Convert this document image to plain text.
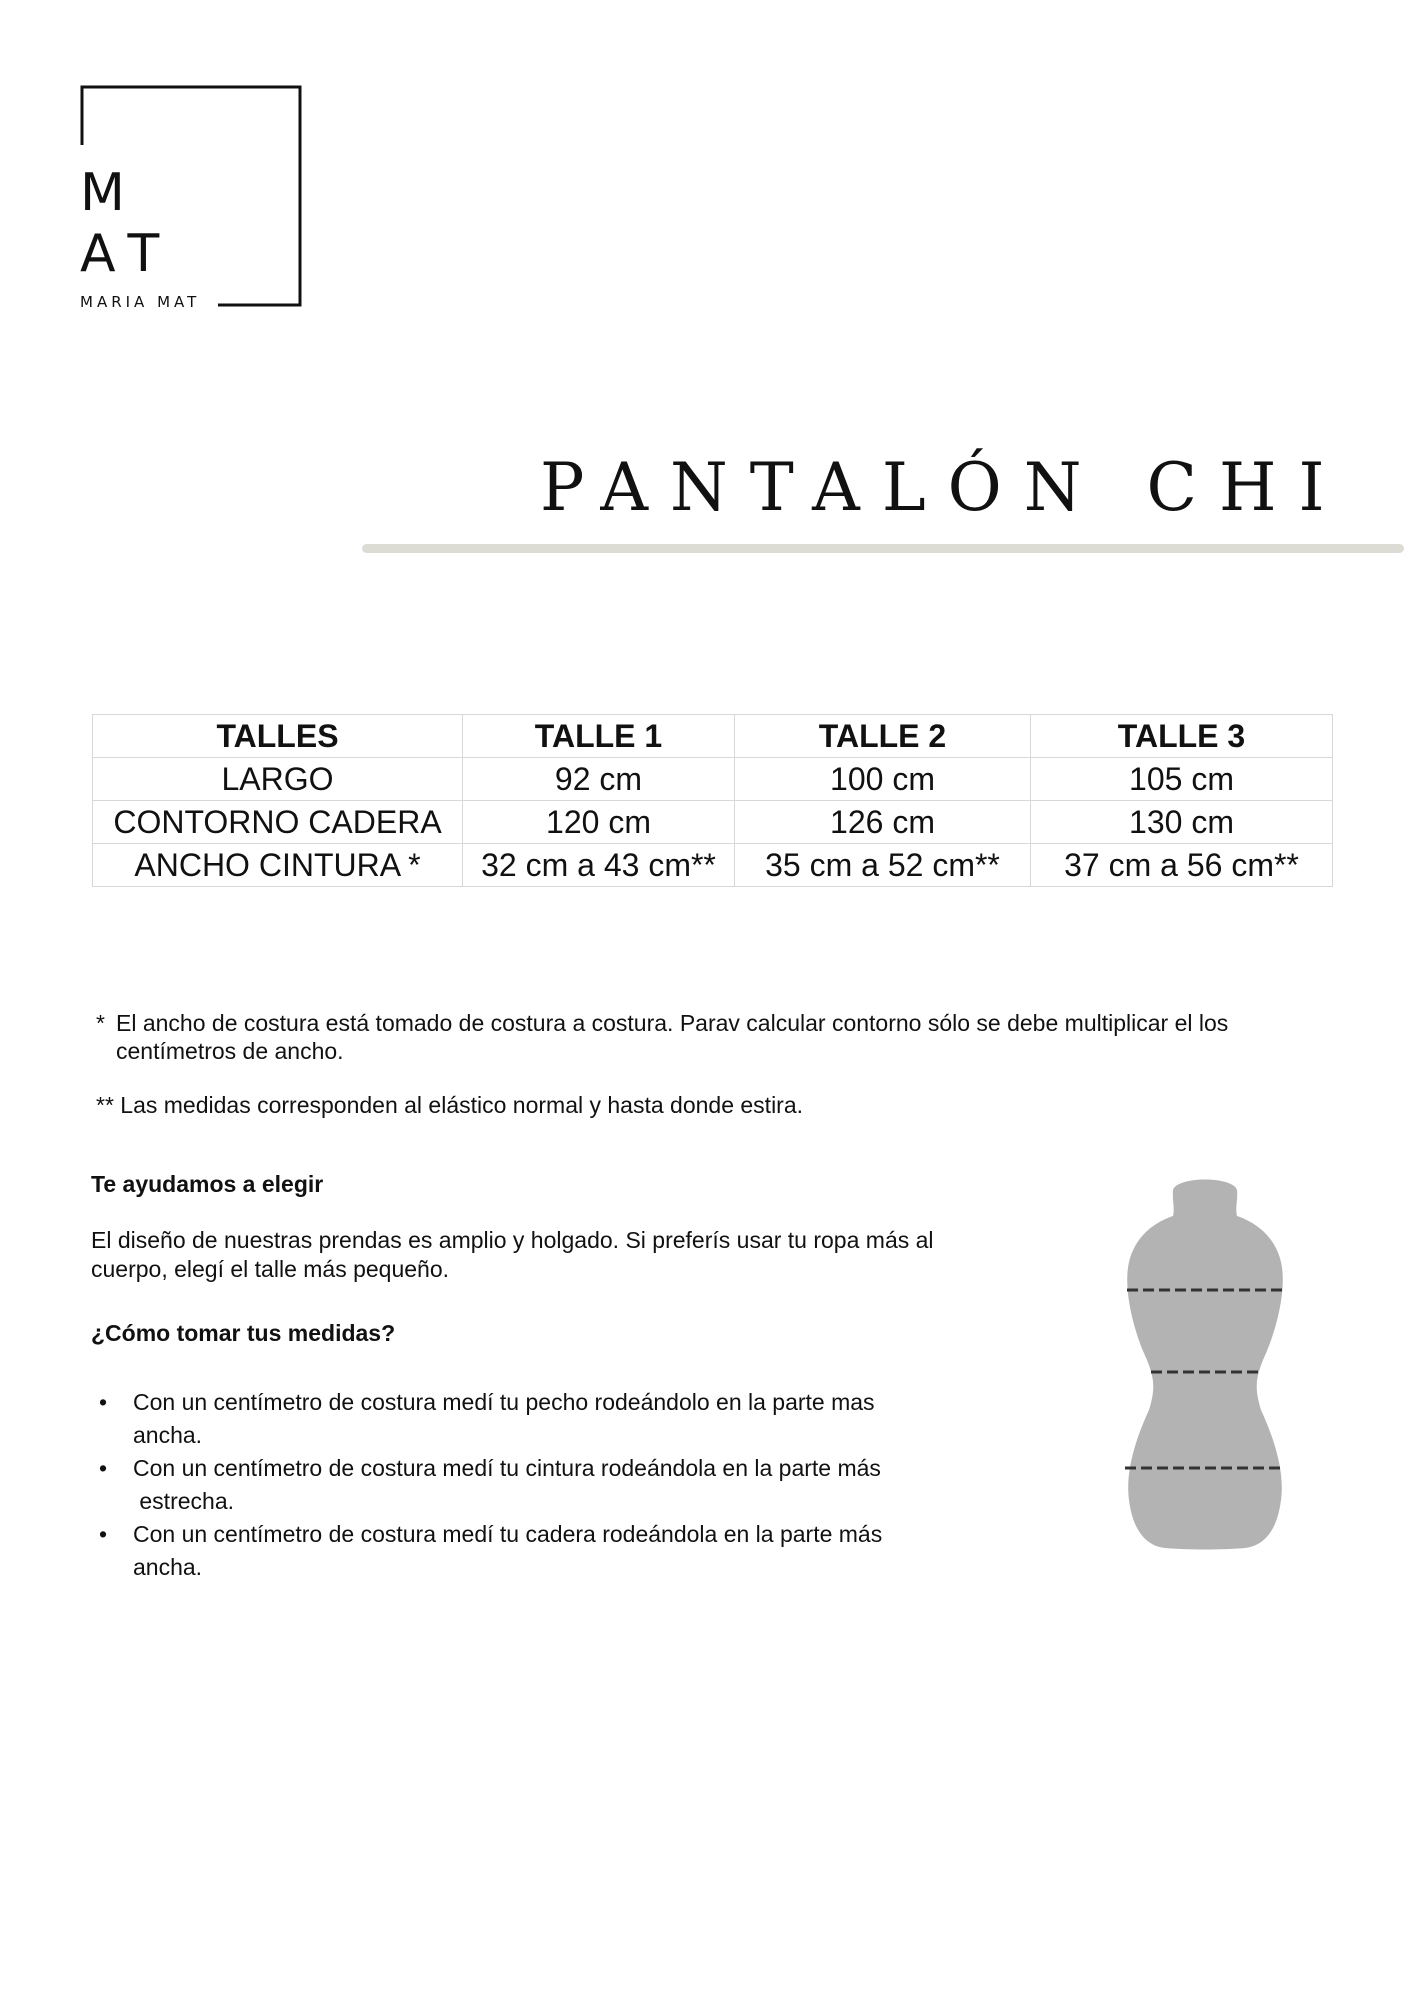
M
AT
MARIA MAT
PANTALÓN CHI
TALLES	TALLE 1	TALLE 2	TALLE 3
LARGO	92 cm	100 cm	105 cm
CONTORNO CADERA	120 cm	126 cm	130 cm
ANCHO CINTURA *	32 cm a 43 cm**	35 cm a 52 cm**	37 cm a 56 cm**
* El ancho de costura está tomado de costura a costura. Parav calcular contorno sólo se debe multiplicar el los
centímetros de ancho.
** Las medidas corresponden al elástico normal y hasta donde estira.
Te ayudamos a elegir
El diseño de nuestras prendas es amplio y holgado. Si preferís usar tu ropa más al
cuerpo, elegí el talle más pequeño.
¿Cómo tomar tus medidas?
• Con un centímetro de costura medí tu pecho rodeándolo en la parte mas
ancha.
• Con un centímetro de costura medí tu cintura rodeándola en la parte más
estrecha.
• Con un centímetro de costura medí tu cadera rodeándola en la parte más
ancha.
